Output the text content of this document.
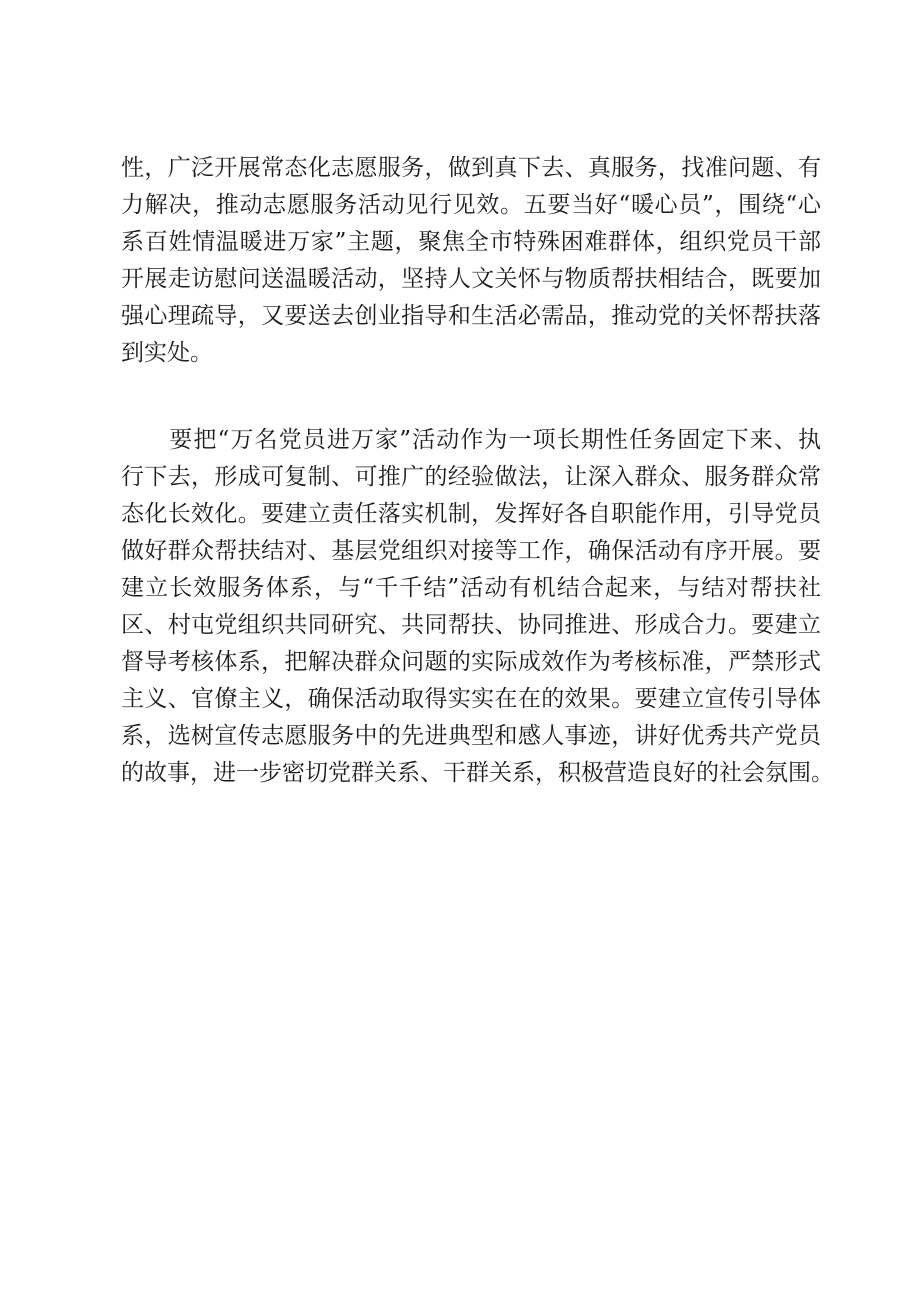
性，广泛开展常态化志愿服务，做到真下去、真服务，找准问题、有
力解决，推动志愿服务活动见行见效。五要当好“暖心员”，围绕“心
系百姓情温暖进万家”主题，聚焦全市特殊困难群体，组织党员干部
开展走访慰问送温暖活动，坚持人文关怀与物质帮扶相结合，既要加
强心理疏导，又要送去创业指导和生活必需品，推动党的关怀帮扶落
到实处。
　　要把“万名党员进万家”活动作为一项长期性任务固定下来、执
行下去，形成可复制、可推广的经验做法，让深入群众、服务群众常
态化长效化。要建立责任落实机制，发挥好各自职能作用，引导党员
做好群众帮扶结对、基层党组织对接等工作，确保活动有序开展。要
建立长效服务体系，与“千千结”活动有机结合起来，与结对帮扶社
区、村屯党组织共同研究、共同帮扶、协同推进、形成合力。要建立
督导考核体系，把解决群众问题的实际成效作为考核标准，严禁形式
主义、官僚主义，确保活动取得实实在在的效果。要建立宣传引导体
系，选树宣传志愿服务中的先进典型和感人事迹，讲好优秀共产党员
的故事，进一步密切党群关系、干群关系，积极营造良好的社会氛围。
